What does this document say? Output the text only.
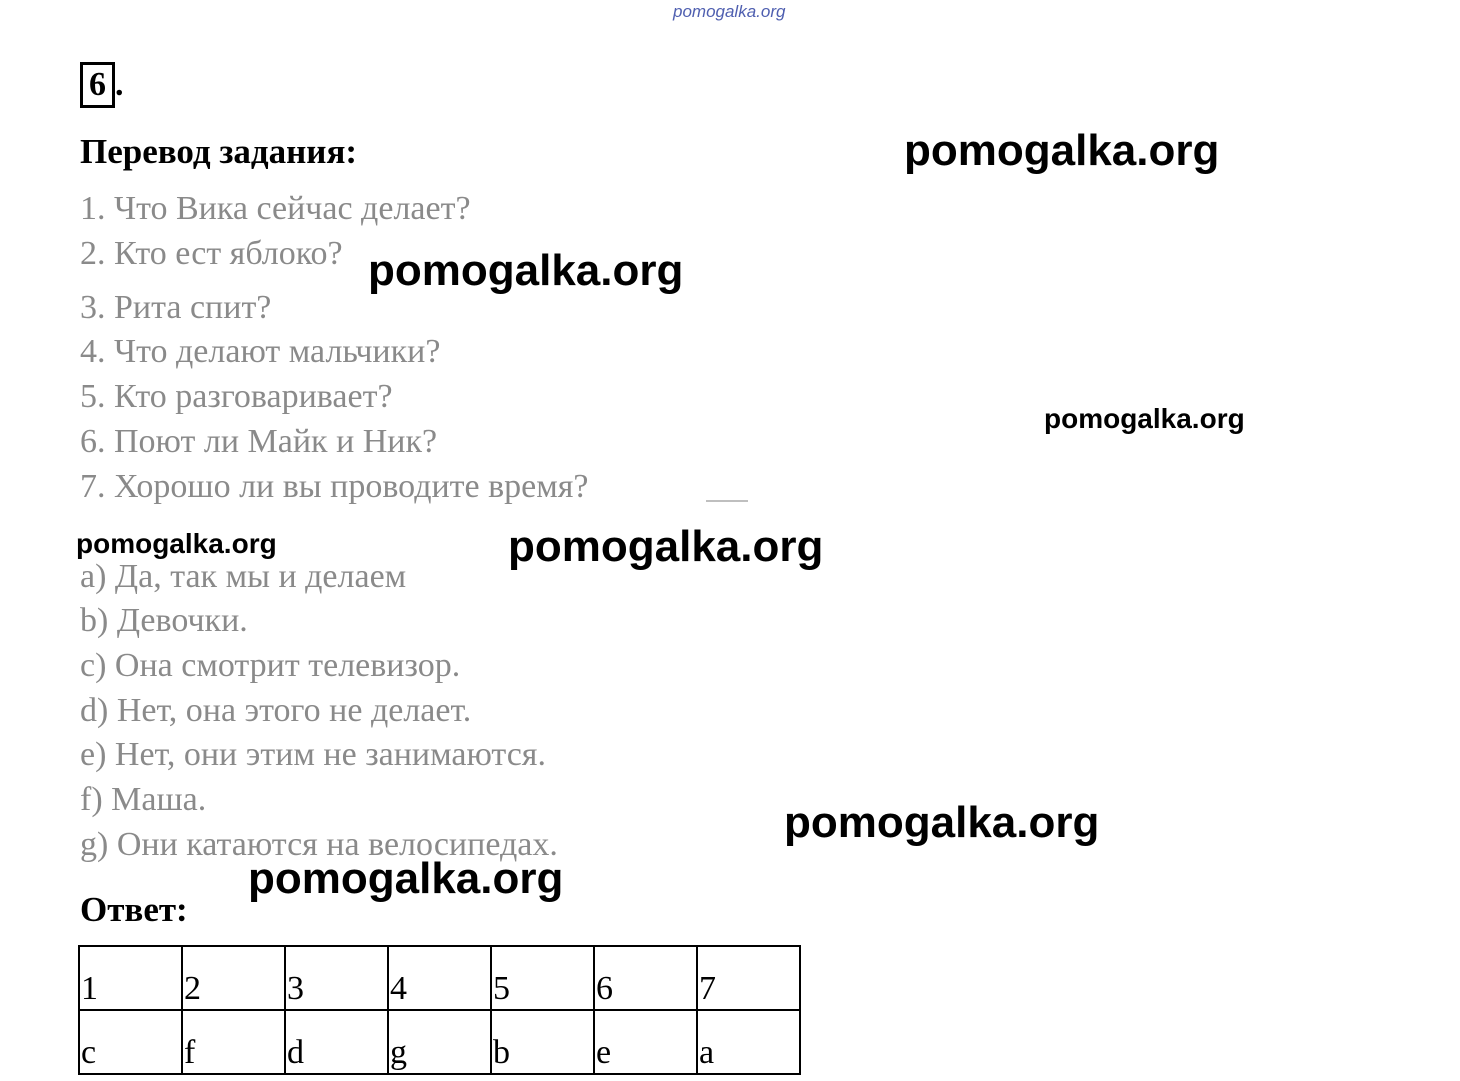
pomogalka.org
6 .
Перевод задания:
1. Что Вика сейчас делает?
2. Кто ест яблоко?
3. Рита спит?
4. Что делают мальчики?
5. Кто разговаривает?
6. Поют ли Майк и Ник?
7. Хорошо ли вы проводите время?
a) Да, так мы и делаем
b) Девочки.
c) Она смотрит телевизор.
d) Нет, она этого не делает.
e) Нет, они этим не занимаются.
f) Маша.
g) Они катаются на велосипедах.
Ответ:
1	2	3	4	5	6	7
c	f	d	g	b	e	a
pomogalka.org
pomogalka.org
pomogalka.org
pomogalka.org	pomogalka.org
pomogalka.org
pomogalka.org
